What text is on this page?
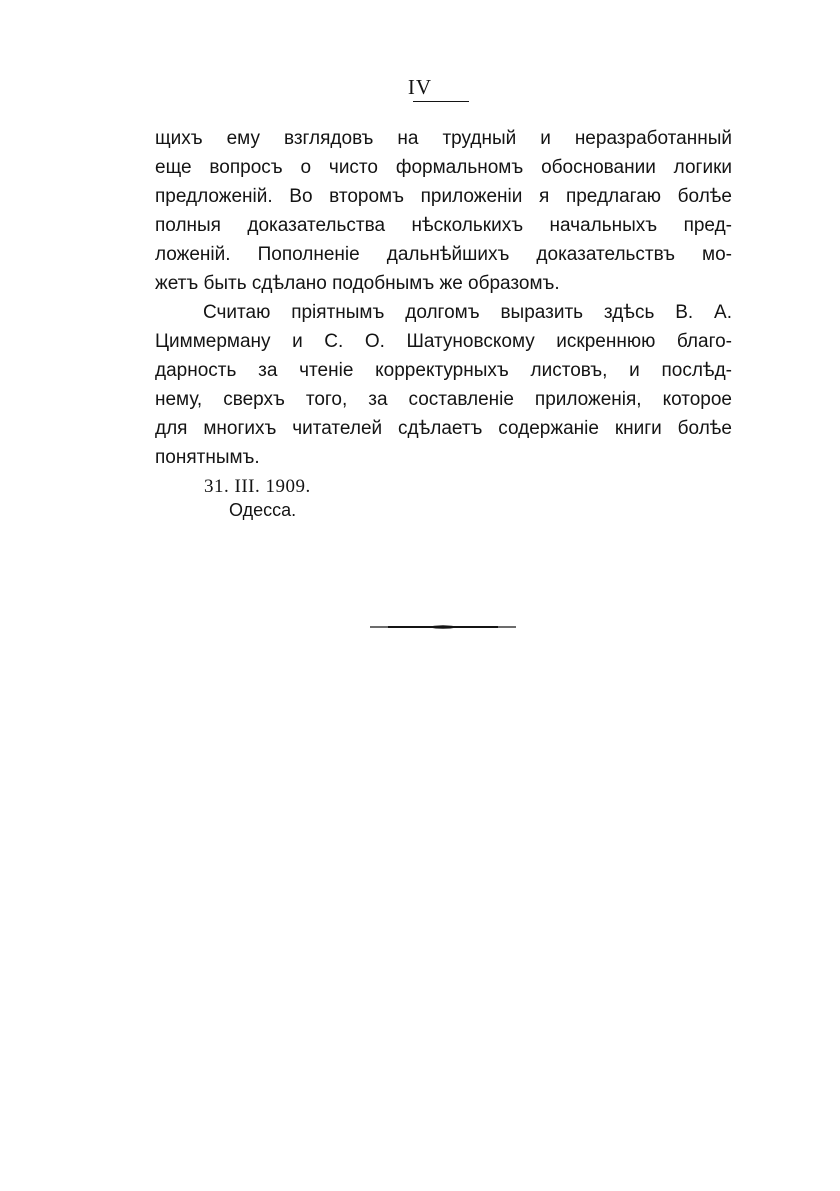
IV
щихъ ему взглядовъ на трудный и неразработанный
еще вопросъ о чисто формальномъ обосновании логики
предложеній. Во второмъ приложеніи я предлагаю болѣе
полныя доказательства нѣсколькихъ начальныхъ пред-
ложеній. Пополненіе дальнѣйшихъ доказательствъ мо-
жетъ быть сдѣлано подобнымъ же образомъ.
Считаю пріятнымъ долгомъ выразить здѣсь В. А.
Циммерману и С. О. Шатуновскому искреннюю благо-
дарность за чтеніе корректурныхъ листовъ, и послѣд-
нему, сверхъ того, за составленіе приложенія, которое
для многихъ читателей сдѣлаетъ содержаніе книги болѣе
понятнымъ.
31. III. 1909.
Одесса.
